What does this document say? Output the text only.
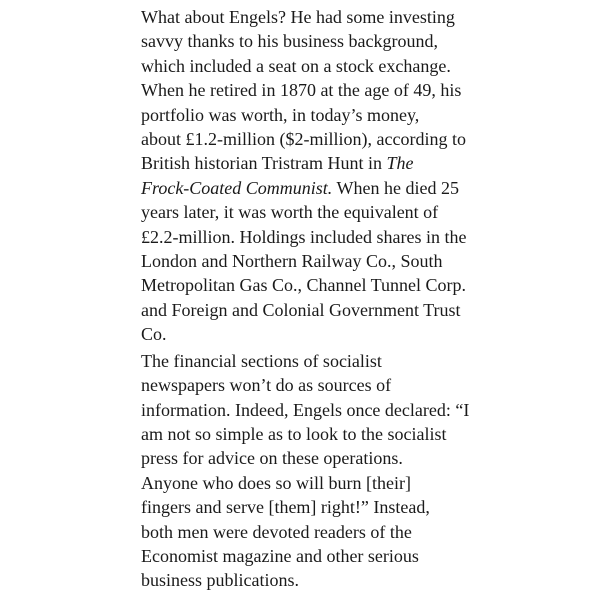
What about Engels? He had some investing
savvy thanks to his business background,
which included a seat on a stock exchange.
When he retired in 1870 at the age of 49, his
portfolio was worth, in today’s money,
about £1.2-million ($2-million), according to
British historian Tristram Hunt in The
Frock-Coated Communist. When he died 25
years later, it was worth the equivalent of
£2.2-million. Holdings included shares in the
London and Northern Railway Co., South
Metropolitan Gas Co., Channel Tunnel Corp.
and Foreign and Colonial Government Trust
Co.

The financial sections of socialist
newspapers won’t do as sources of
information. Indeed, Engels once declared: “I
am not so simple as to look to the socialist
press for advice on these operations.
Anyone who does so will burn [their]
fingers and serve [them] right!” Instead,
both men were devoted readers of the
Economist magazine and other serious
business publications.
